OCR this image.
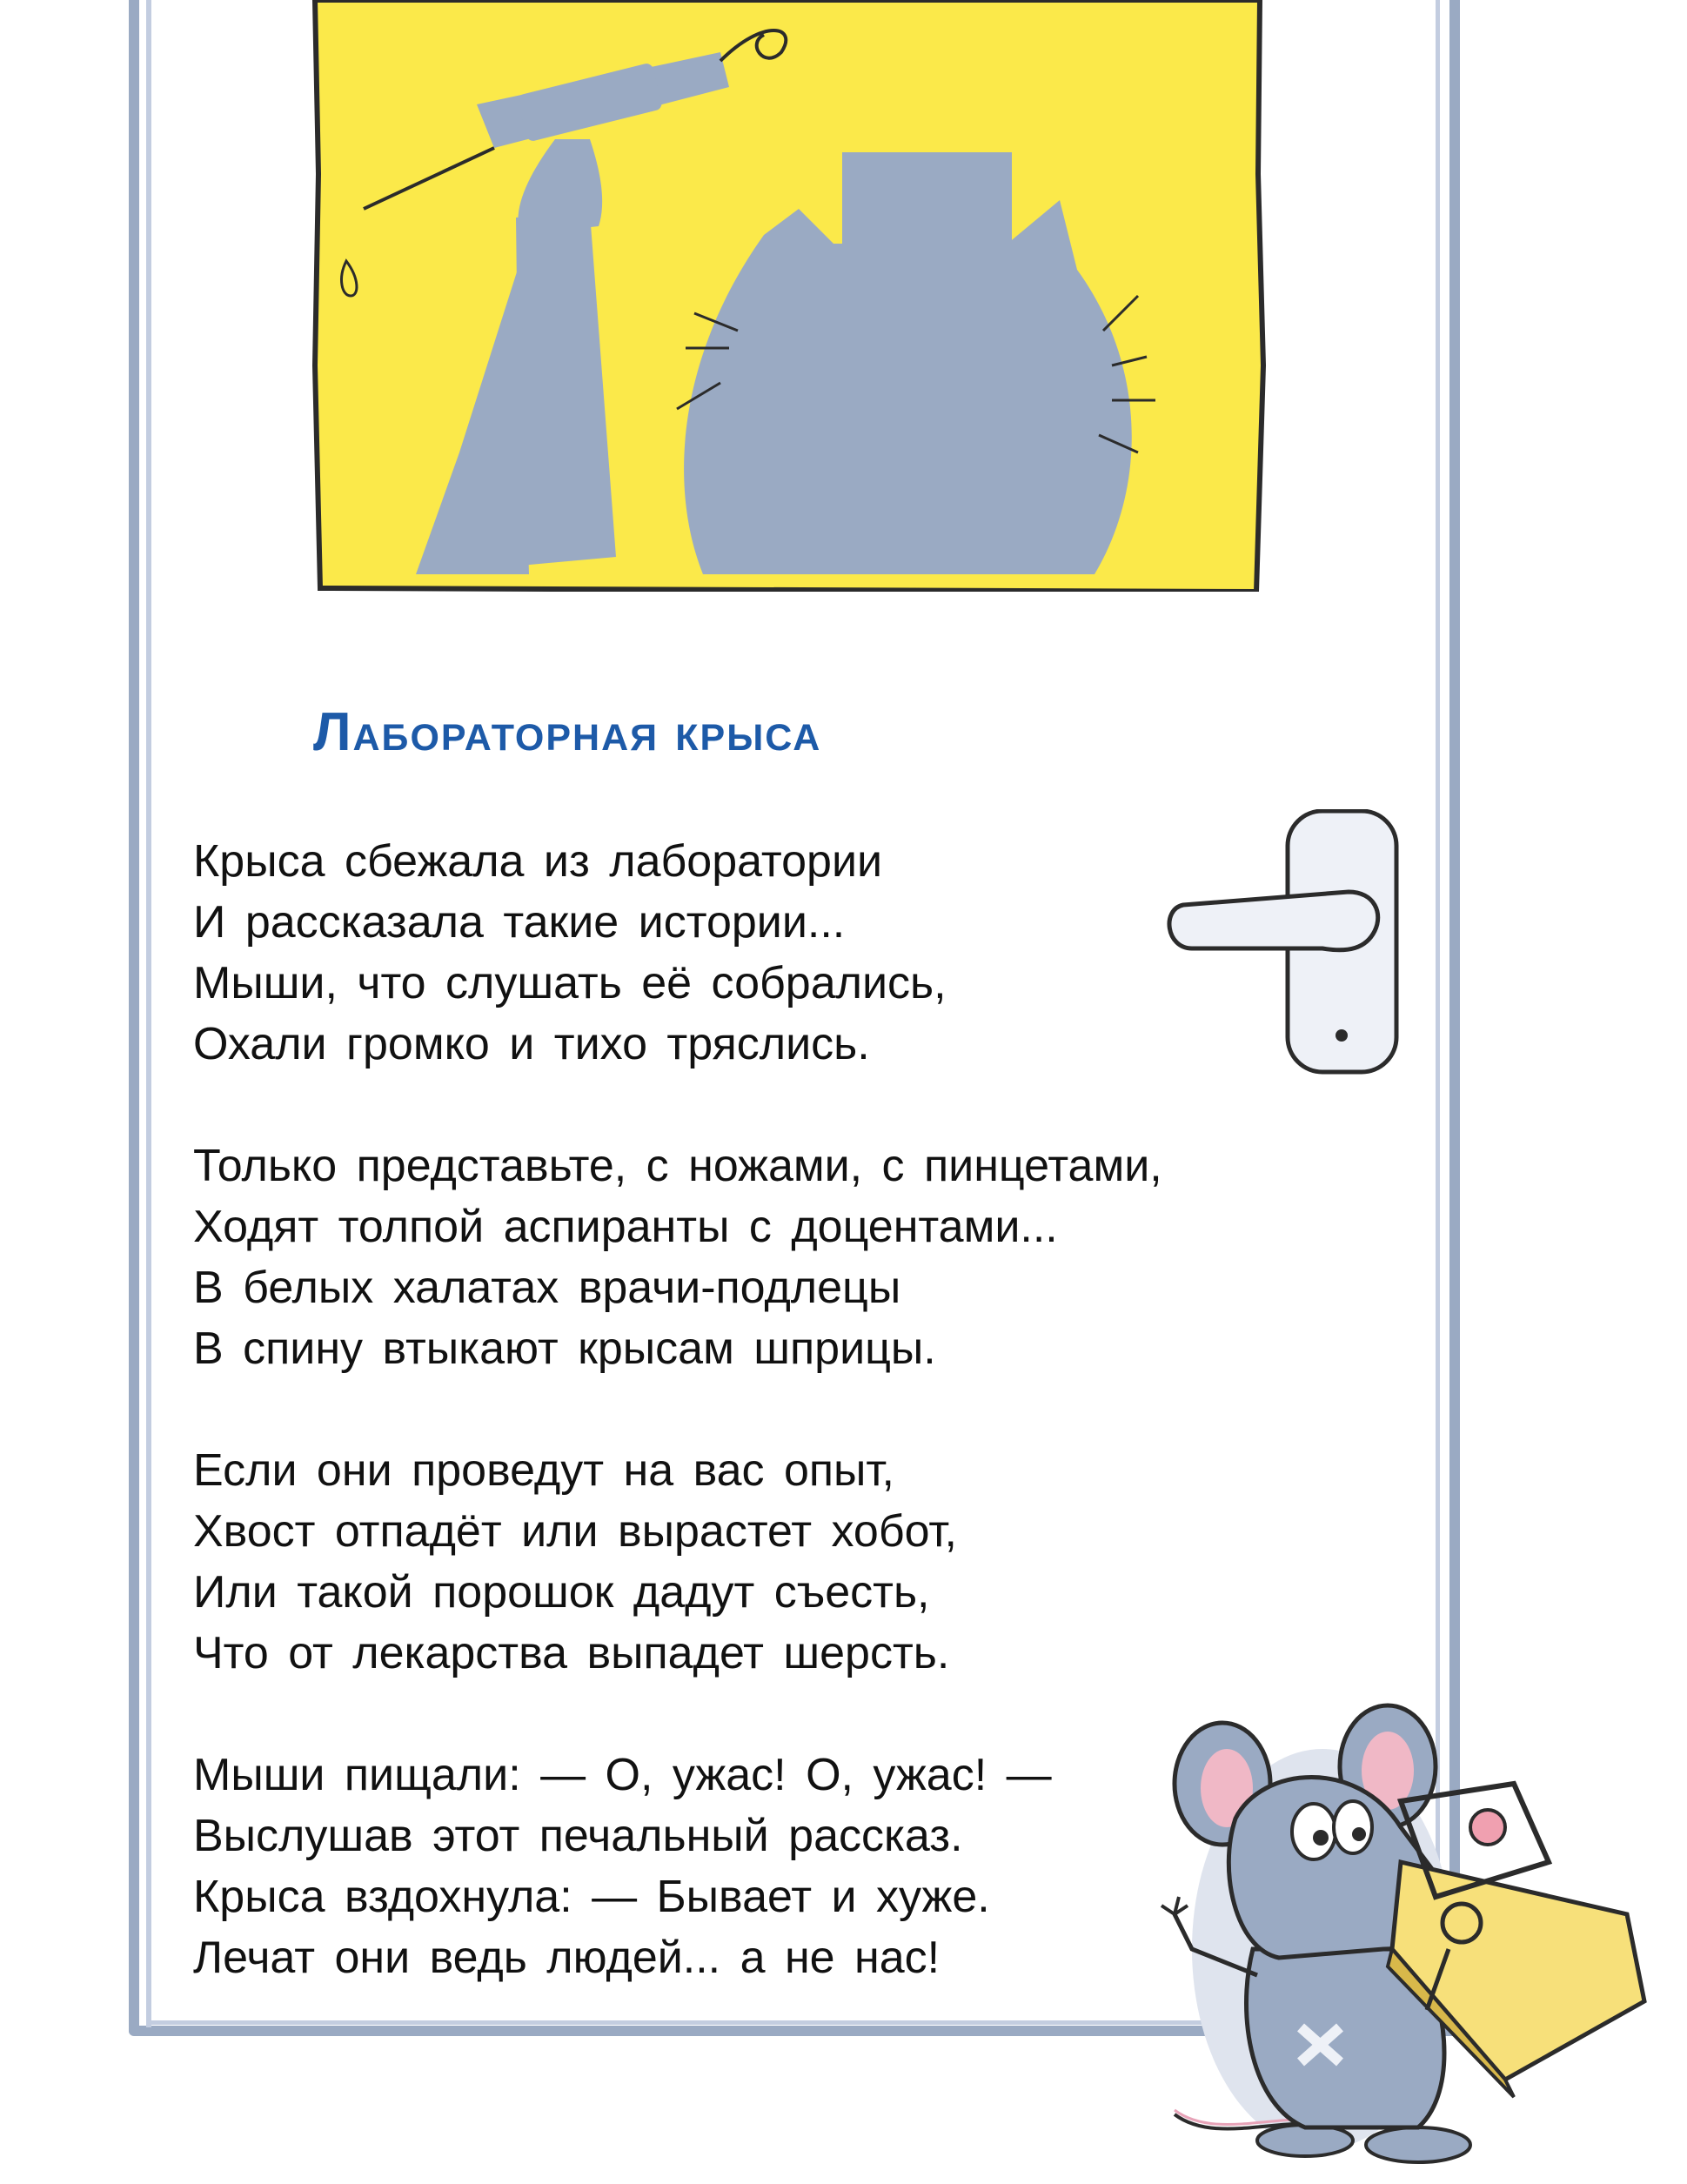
Лабораторная крыса
Крыса сбежала из лаборатории
И рассказала такие истории...
Мыши, что слушать её собрались,
Охали громко и тихо тряслись.
Только представьте, с ножами, с пинцетами,
Ходят толпой аспиранты с доцентами...
В белых халатах врачи-подлецы
В спину втыкают крысам шприцы.
Если они проведут на вас опыт,
Хвост отпадёт или вырастет хобот,
Или такой порошок дадут съесть,
Что от лекарства выпадет шерсть.
Мыши пищали: — О, ужас! О, ужас! —
Выслушав этот печальный рассказ.
Крыса вздохнула: — Бывает и хуже.
Лечат они ведь людей... а не нас!
